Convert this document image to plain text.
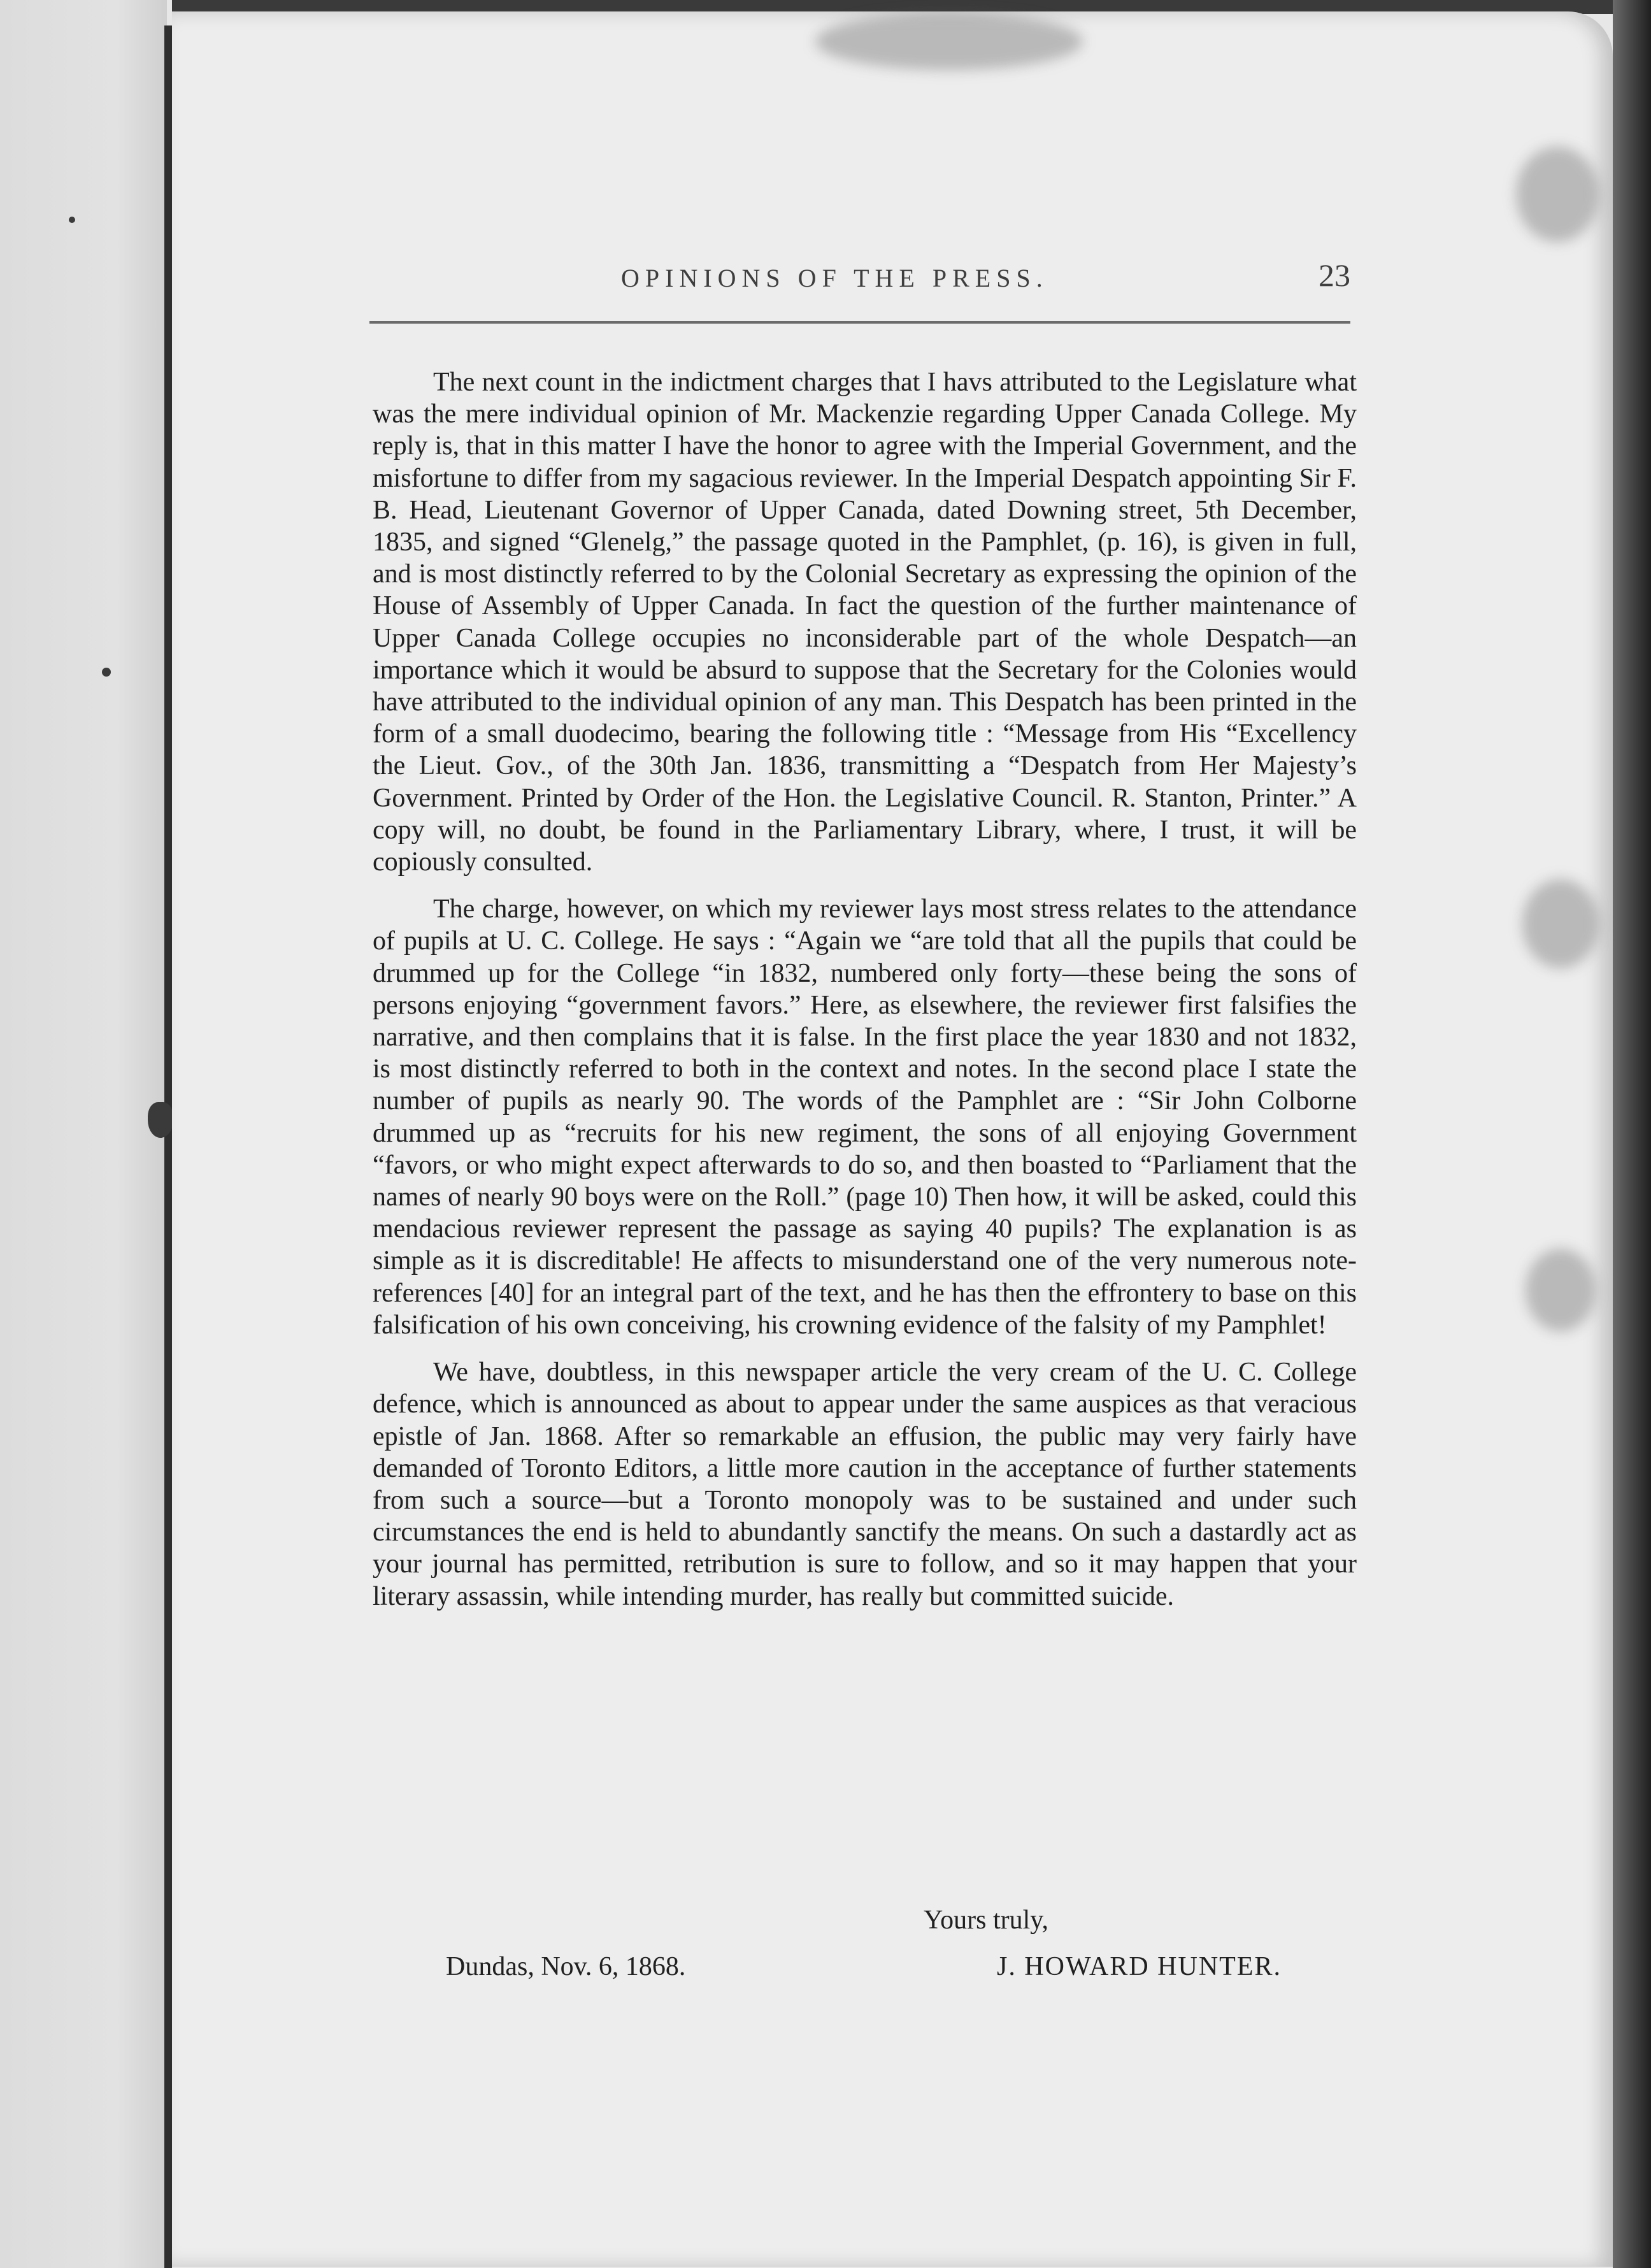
OPINIONS OF THE PRESS.	23

The next count in the indictment charges that I havs attributed to the Legislature what was the mere individual opinion of Mr. Mackenzie regarding Upper Canada College. My reply is, that in this matter I have the honor to agree with the Imperial Government, and the misfortune to differ from my sagacious reviewer. In the Imperial Despatch appointing Sir F. B. Head, Lieutenant Governor of Upper Canada, dated Downing street, 5th December, 1835, and signed “Glenelg,” the passage quoted in the Pamphlet, (p. 16), is given in full, and is most distinctly referred to by the Colonial Secretary as expressing the opinion of the House of Assembly of Upper Canada. In fact the question of the further maintenance of Upper Canada College occupies no inconsiderable part of the whole Despatch—an importance which it would be absurd to suppose that the Secretary for the Colonies would have attributed to the individual opinion of any man. This Despatch has been printed in the form of a small duodecimo, bearing the following title : “Message from His “Excellency the Lieut. Gov., of the 30th Jan. 1836, transmitting a “Despatch from Her Majesty’s Government. Printed by Order of the Hon. the Legislative Council. R. Stanton, Printer.” A copy will, no doubt, be found in the Parliamentary Library, where, I trust, it will be copiously consulted.

The charge, however, on which my reviewer lays most stress relates to the attendance of pupils at U. C. College. He says : “Again we “are told that all the pupils that could be drummed up for the College “in 1832, numbered only forty—these being the sons of persons enjoying “government favors.” Here, as elsewhere, the reviewer first falsifies the narrative, and then complains that it is false. In the first place the year 1830 and not 1832, is most distinctly referred to both in the context and notes. In the second place I state the number of pupils as nearly 90. The words of the Pamphlet are : “Sir John Colborne drummed up as “recruits for his new regiment, the sons of all enjoying Government “favors, or who might expect afterwards to do so, and then boasted to “Parliament that the names of nearly 90 boys were on the Roll.” (page 10) Then how, it will be asked, could this mendacious reviewer represent the passage as saying 40 pupils? The explanation is as simple as it is discreditable! He affects to misunderstand one of the very numerous note-references [40] for an integral part of the text, and he has then the effrontery to base on this falsification of his own conceiving, his crowning evidence of the falsity of my Pamphlet!

We have, doubtless, in this newspaper article the very cream of the U. C. College defence, which is announced as about to appear under the same auspices as that veracious epistle of Jan. 1868. After so remarkable an effusion, the public may very fairly have demanded of Toronto Editors, a little more caution in the acceptance of further statements from such a source—but a Toronto monopoly was to be sustained and under such circumstances the end is held to abundantly sanctify the means. On such a dastardly act as your journal has permitted, retribution is sure to follow, and so it may happen that your literary assassin, while intending murder, has really but committed suicide.

Yours truly,
Dundas, Nov. 6, 1868.	J. HOWARD HUNTER.
